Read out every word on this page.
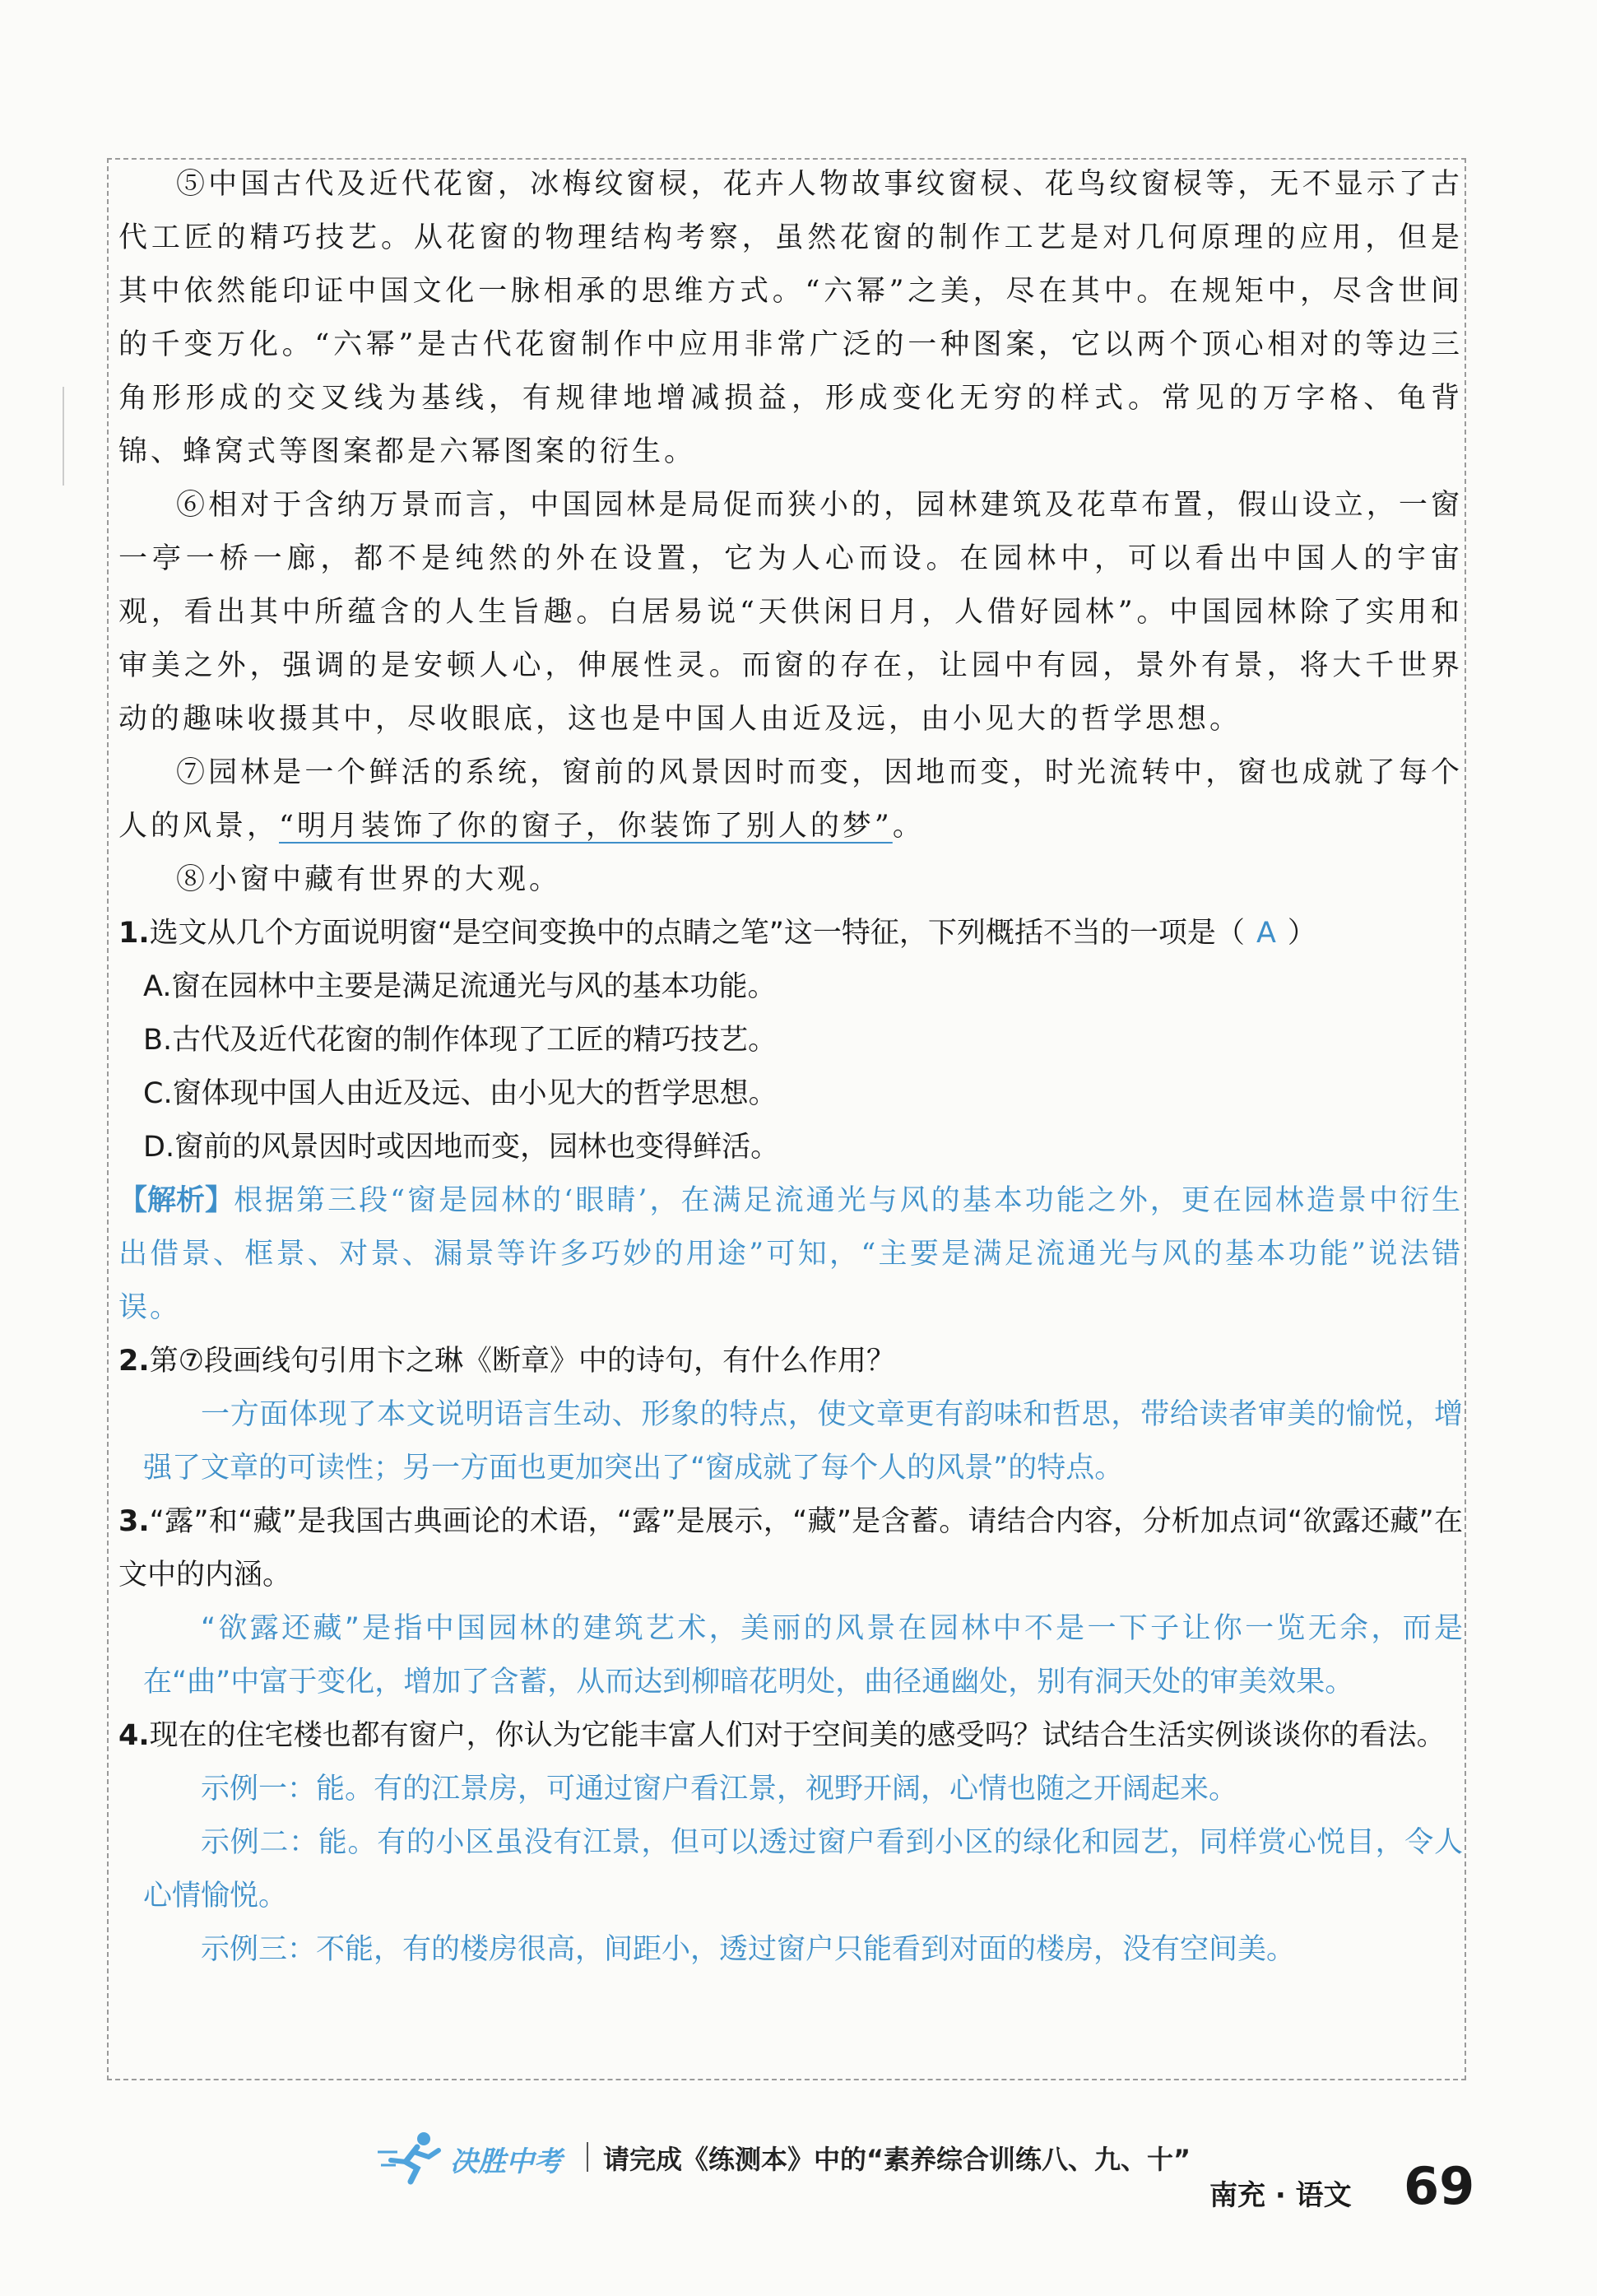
⑤中国古代及近代花窗，冰梅纹窗棂，花卉人物故事纹窗棂、花鸟纹窗棂等，无不显示了古代工匠的精巧技艺。从花窗的物理结构考察，虽然花窗的制作工艺是对几何原理的应用，但是其中依然能印证中国文化一脉相承的思维方式。“六幂”之美，尽在其中。在规矩中，尽含世间的千变万化。“六幂”是古代花窗制作中应用非常广泛的一种图案，它以两个顶心相对的等边三角形形成的交叉线为基线，有规律地增减损益，形成变化无穷的样式。常见的万字格、龟背锦、蜂窝式等图案都是六幂图案的衍生。

⑥相对于含纳万景而言，中国园林是局促而狭小的，园林建筑及花草布置，假山设立，一窗一亭一桥一廊，都不是纯然的外在设置，它为人心而设。在园林中，可以看出中国人的宇宙观，看出其中所蕴含的人生旨趣。白居易说“天供闲日月，人借好园林”。中国园林除了实用和审美之外，强调的是安顿人心，伸展性灵。而窗的存在，让园中有园，景外有景，将大千世界动的趣味收摄其中，尽收眼底，这也是中国人由近及远，由小见大的哲学思想。

⑦园林是一个鲜活的系统，窗前的风景因时而变，因地而变，时光流转中，窗也成就了每个人的风景，“明月装饰了你的窗子，你装饰了别人的梦”。

⑧小窗中藏有世界的大观。

1.选文从几个方面说明窗“是空间变换中的点睛之笔”这一特征，下列概括不当的一项是（ A ）

A.窗在园林中主要是满足流通光与风的基本功能。

B.古代及近代花窗的制作体现了工匠的精巧技艺。

C.窗体现中国人由近及远、由小见大的哲学思想。

D.窗前的风景因时或因地而变，园林也变得鲜活。

【解析】根据第三段“窗是园林的‘眼睛’，在满足流通光与风的基本功能之外，更在园林造景中衍生出借景、框景、对景、漏景等许多巧妙的用途”可知，“主要是满足流通光与风的基本功能”说法错误。

2.第⑦段画线句引用卞之琳《断章》中的诗句，有什么作用？

一方面体现了本文说明语言生动、形象的特点，使文章更有韵味和哲思，带给读者审美的愉悦，增强了文章的可读性；另一方面也更加突出了“窗成就了每个人的风景”的特点。

3.“露”和“藏”是我国古典画论的术语，“露”是展示，“藏”是含蓄。请结合内容，分析加点词“欲露还藏”在文中的内涵。

“欲露还藏”是指中国园林的建筑艺术，美丽的风景在园林中不是一下子让你一览无余，而是在“曲”中富于变化，增加了含蓄，从而达到柳暗花明处，曲径通幽处，别有洞天处的审美效果。

4.现在的住宅楼也都有窗户，你认为它能丰富人们对于空间美的感受吗？试结合生活实例谈谈你的看法。

示例一：能。有的江景房，可通过窗户看江景，视野开阔，心情也随之开阔起来。

示例二：能。有的小区虽没有江景，但可以透过窗户看到小区的绿化和园艺，同样赏心悦目，令人心情愉悦。

示例三：不能，有的楼房很高，间距小，透过窗户只能看到对面的楼房，没有空间美。

决胜中考 请完成《练测本》中的“素养综合训练八、九、十”
南充 · 语文 69
